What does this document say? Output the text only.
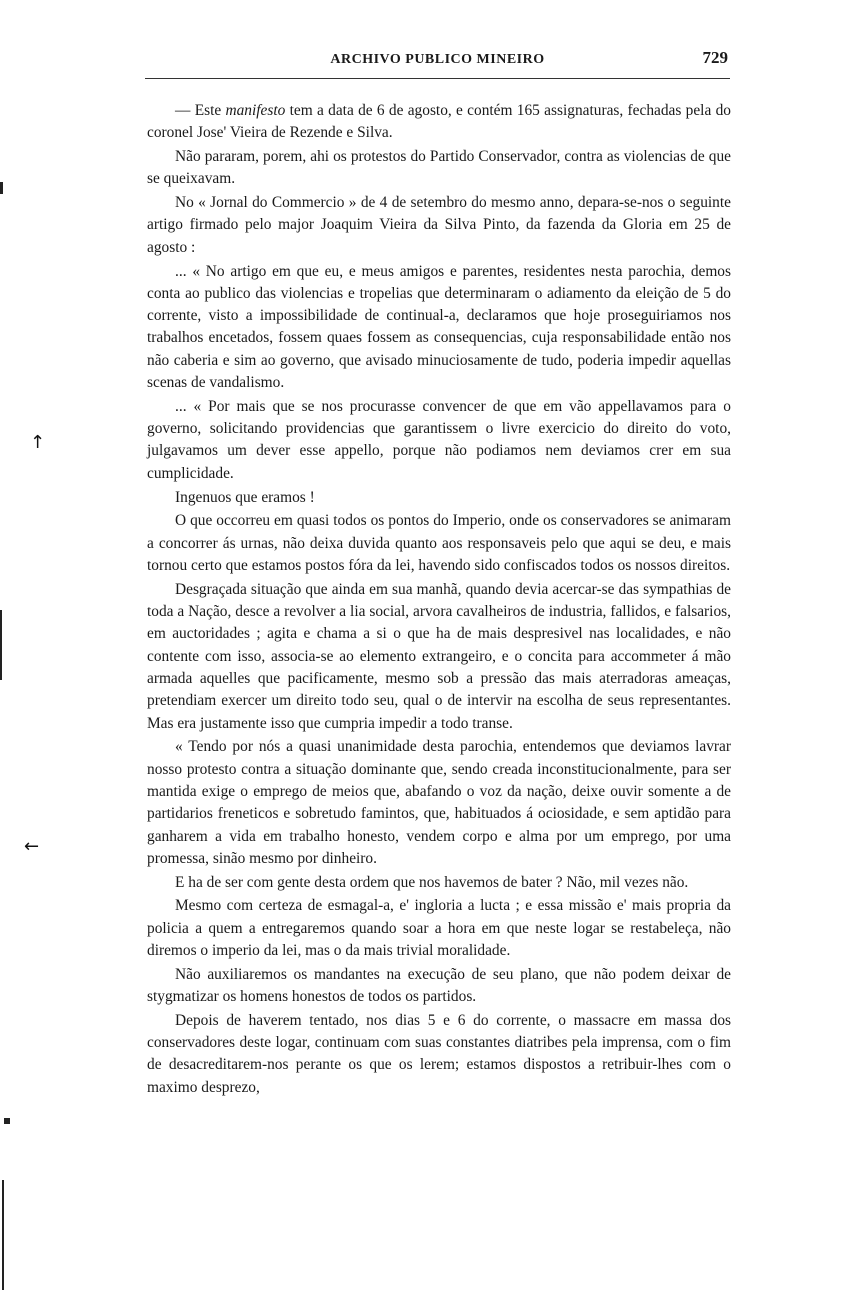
ARCHIVO PUBLICO MINEIRO	729
↑
←

— Este manifesto tem a data de 6 de agosto, e contém 165 assignaturas, fechadas pela do coronel Jose' Vieira de Rezende e Silva.

Não pararam, porem, ahi os protestos do Partido Conservador, contra as violencias de que se queixavam.

No « Jornal do Commercio » de 4 de setembro do mesmo anno, depara-se-nos o seguinte artigo firmado pelo major Joaquim Vieira da Silva Pinto, da fazenda da Gloria em 25 de agosto :

... « No artigo em que eu, e meus amigos e parentes, residentes nesta parochia, demos conta ao publico das violencias e tropelias que determinaram o adiamento da eleição de 5 do corrente, visto a impossibilidade de continual-a, declaramos que hoje proseguiriamos nos trabalhos encetados, fossem quaes fossem as consequencias, cuja responsabilidade então nos não caberia e sim ao governo, que avisado minuciosamente de tudo, poderia impedir aquellas scenas de vandalismo.

... « Por mais que se nos procurasse convencer de que em vão appellavamos para o governo, solicitando providencias que garantissem o livre exercicio do direito do voto, julgavamos um dever esse appello, porque não podiamos nem deviamos crer em sua cumplicidade.

Ingenuos que eramos !

O que occorreu em quasi todos os pontos do Imperio, onde os conservadores se animaram a concorrer ás urnas, não deixa duvida quanto aos responsaveis pelo que aqui se deu, e mais tornou certo que estamos postos fóra da lei, havendo sido confiscados todos os nossos direitos.

Desgraçada situação que ainda em sua manhã, quando devia acercar-se das sympathias de toda a Nação, desce a revolver a lia social, arvora cavalheiros de industria, fallidos, e falsarios, em auctoridades ; agita e chama a si o que ha de mais despresivel nas localidades, e não contente com isso, associa-se ao elemento extrangeiro, e o concita para accommeter á mão armada aquelles que pacificamente, mesmo sob a pressão das mais aterradoras ameaças, pretendiam exercer um direito todo seu, qual o de intervir na escolha de seus representantes. Mas era justamente isso que cumpria impedir a todo transe.

« Tendo por nós a quasi unanimidade desta parochia, entendemos que deviamos lavrar nosso protesto contra a situação dominante que, sendo creada inconstitucionalmente, para ser mantida exige o emprego de meios que, abafando o voz da nação, deixe ouvir somente a de partidarios freneticos e sobretudo famintos, que, habituados á ociosidade, e sem aptidão para ganharem a vida em trabalho honesto, vendem corpo e alma por um emprego, por uma promessa, sinão mesmo por dinheiro.

E ha de ser com gente desta ordem que nos havemos de bater ? Não, mil vezes não.

Mesmo com certeza de esmagal-a, e' ingloria a lucta ; e essa missão e' mais propria da policia a quem a entregaremos quando soar a hora em que neste logar se restabeleça, não diremos o imperio da lei, mas o da mais trivial moralidade.

Não auxiliaremos os mandantes na execução de seu plano, que não podem deixar de stygmatizar os homens honestos de todos os partidos.

Depois de haverem tentado, nos dias 5 e 6 do corrente, o massacre em massa dos conservadores deste logar, continuam com suas constantes diatribes pela imprensa, com o fim de desacreditarem-nos perante os que os lerem; estamos dispostos a retribuir-lhes com o maximo desprezo,
